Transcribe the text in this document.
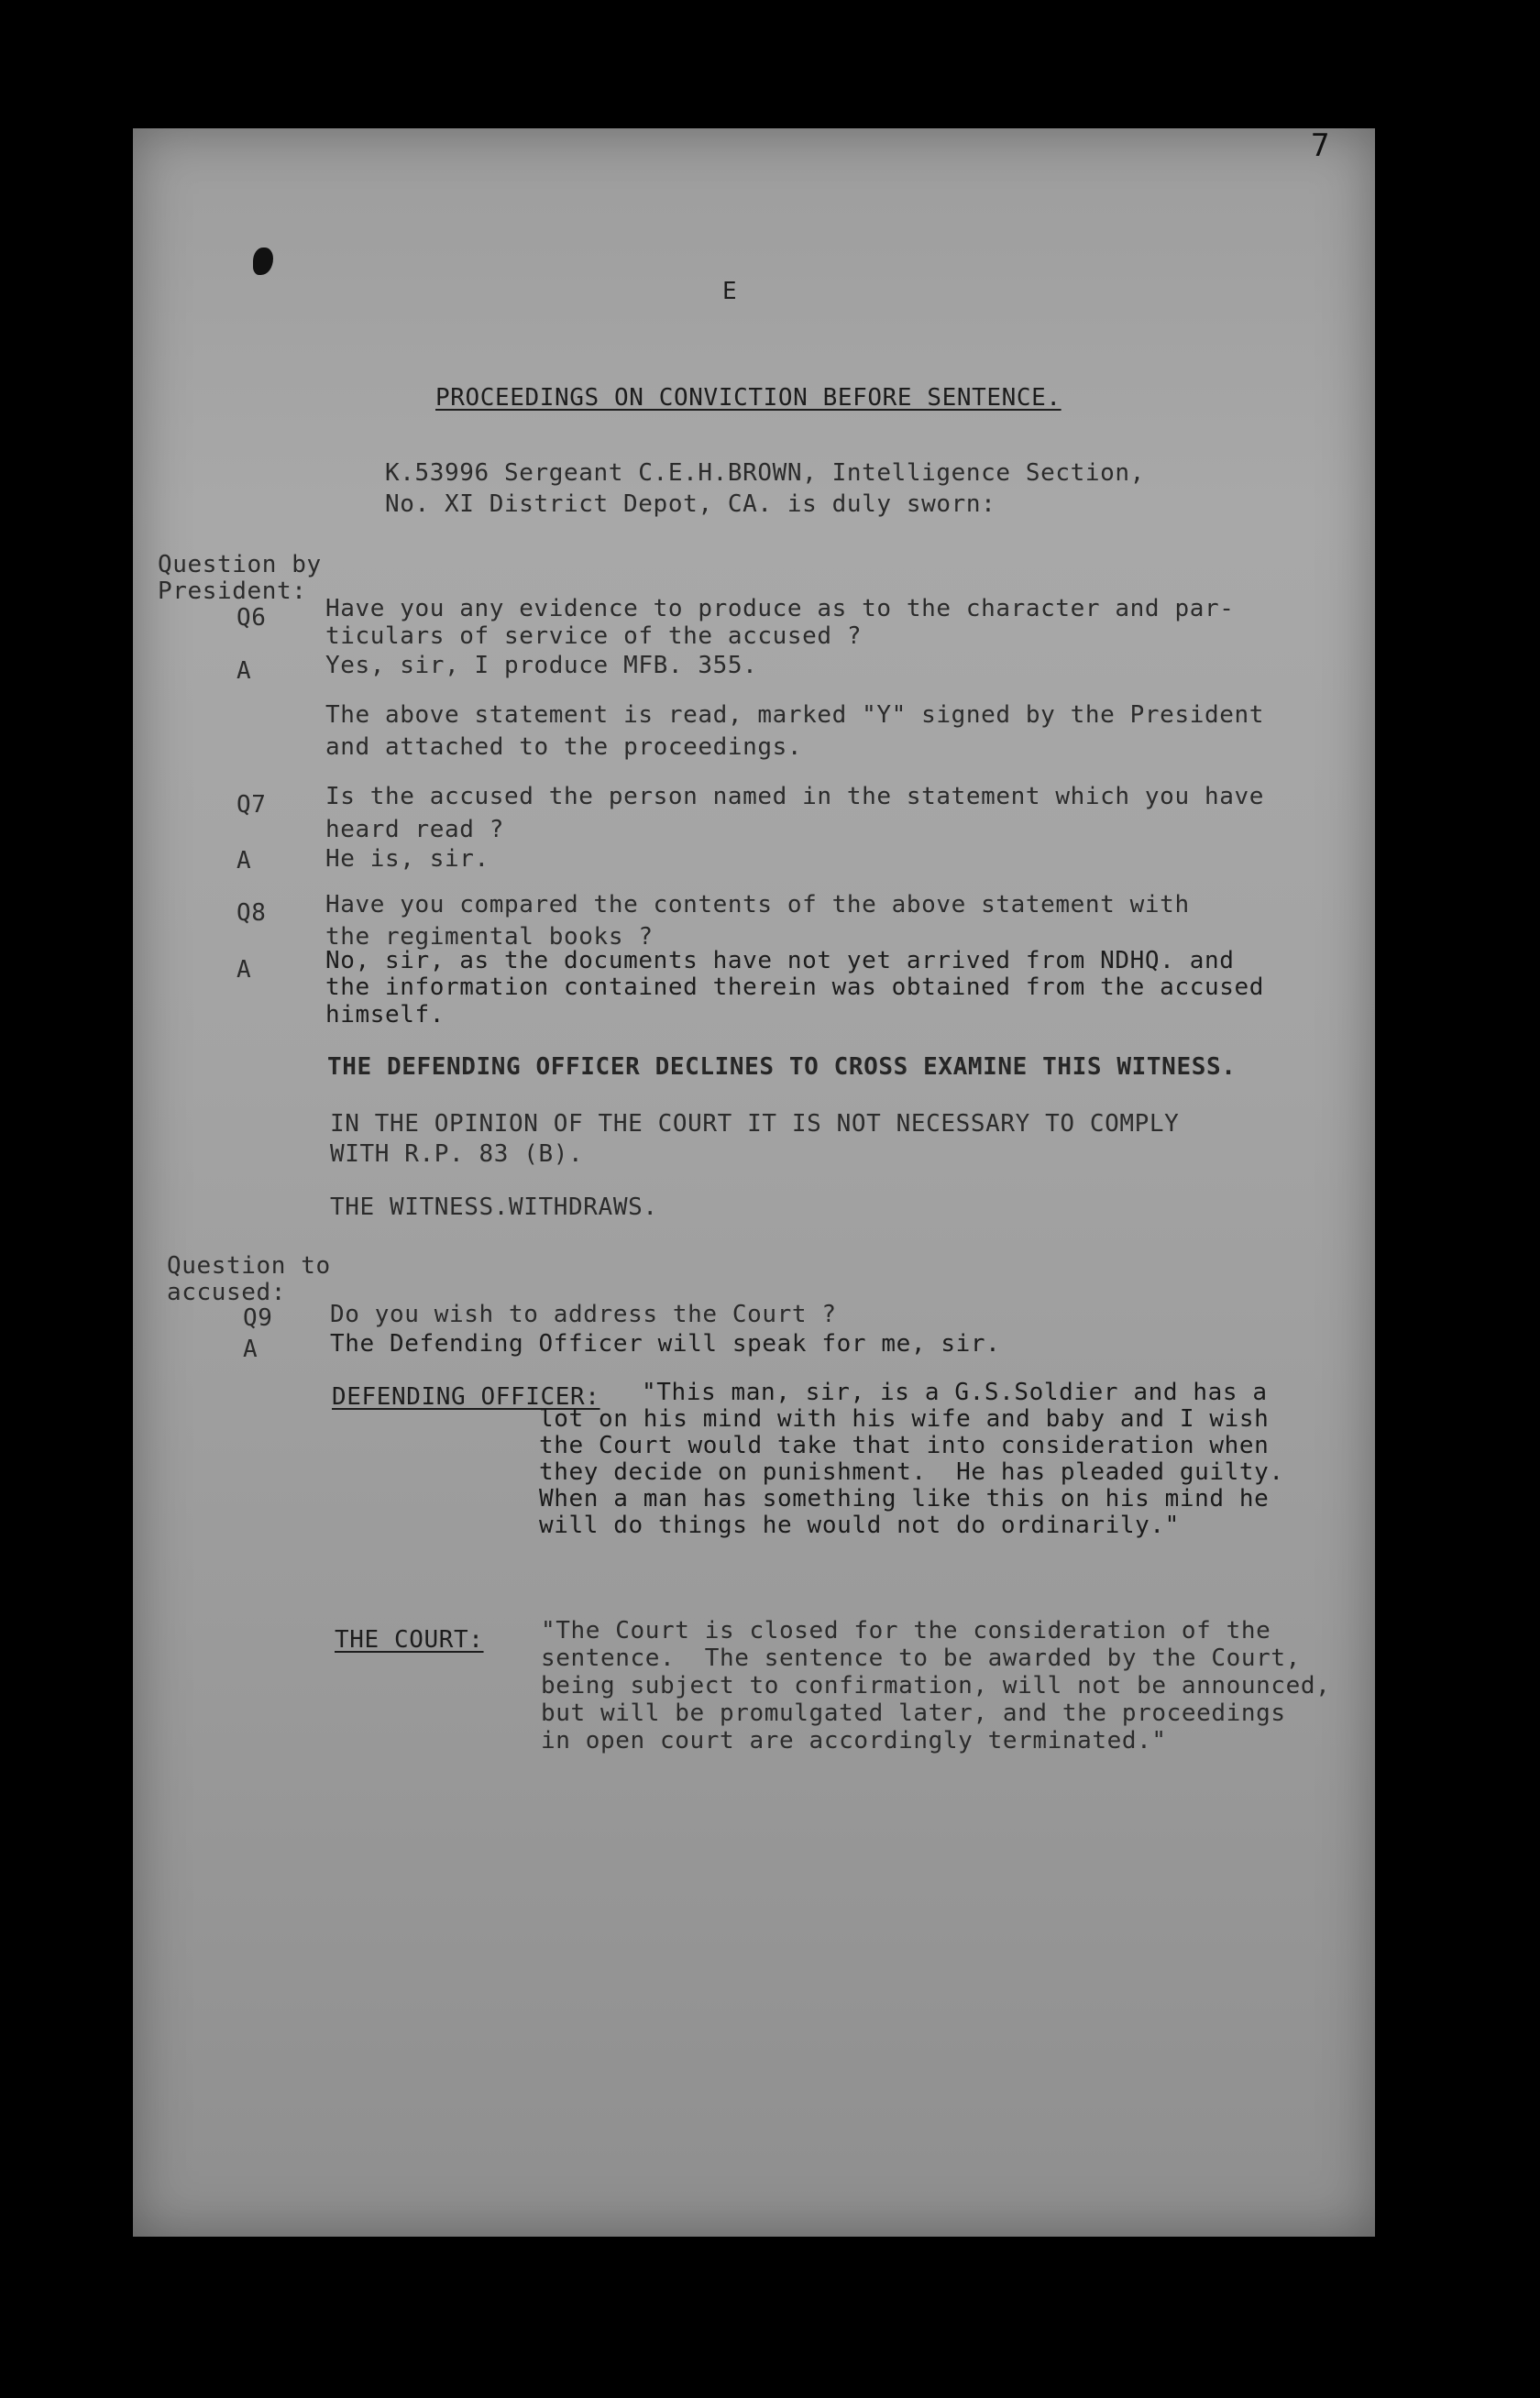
7
E
PROCEEDINGS ON CONVICTION BEFORE SENTENCE.
K.53996 Sergeant C.E.H.BROWN, Intelligence Section,
No. XI District Depot, CA. is duly sworn:
Question by
President:
Q6 Have you any evidence to produce as to the character and par-
ticulars of service of the accused ?
A	Yes, sir, I produce MFB. 355.
The above statement is read, marked "Y" signed by the President
and attached to the proceedings.
Q7 Is the accused the person named in the statement which you have
heard read ?
A	He is, sir.
Q8 Have you compared the contents of the above statement with
the regimental books ?
A	No, sir, as the documents have not yet arrived from NDHQ. and
the information contained therein was obtained from the accused
himself.
THE DEFENDING OFFICER DECLINES TO CROSS EXAMINE THIS WITNESS.
IN THE OPINION OF THE COURT IT IS NOT NECESSARY TO COMPLY
WITH R.P. 83 (B).
THE WITNESS.WITHDRAWS.
Question to
accused:
Q9 Do you wish to address the Court ?
A	The Defending Officer will speak for me, sir.
DEFENDING OFFICER: "This man, sir, is a G.S.Soldier and has a
lot on his mind with his wife and baby and I wish
the Court would take that into consideration when
they decide on punishment.  He has pleaded guilty.
When a man has something like this on his mind he
will do things he would not do ordinarily."
THE COURT: "The Court is closed for the consideration of the
sentence.  The sentence to be awarded by the Court,
being subject to confirmation, will not be announced,
but will be promulgated later, and the proceedings
in open court are accordingly terminated."
